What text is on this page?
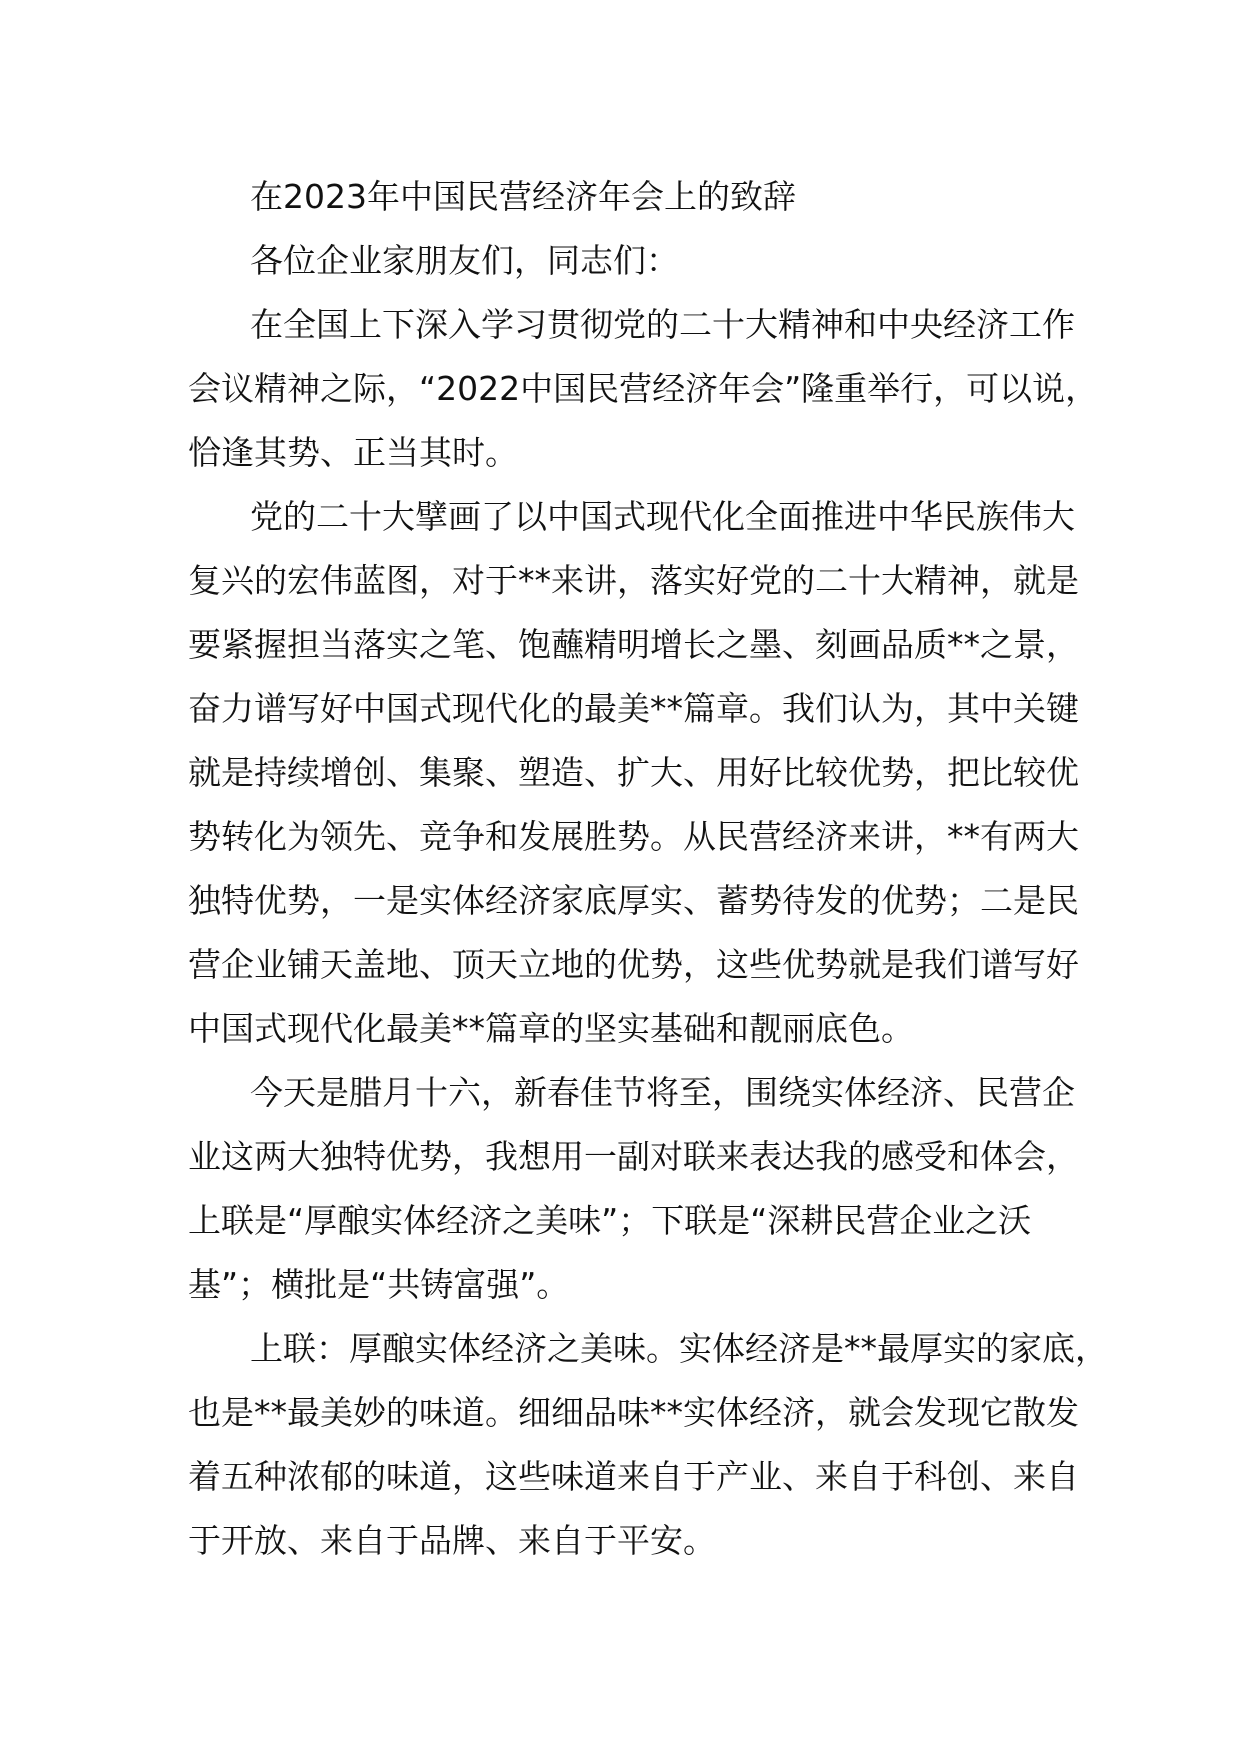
在2023年中国民营经济年会上的致辞
各位企业家朋友们，同志们：
在全国上下深入学习贯彻党的二十大精神和中央经济工作
会议精神之际，“2022中国民营经济年会”隆重举行，可以说，
恰逢其势、正当其时。
党的二十大擘画了以中国式现代化全面推进中华民族伟大
复兴的宏伟蓝图，对于**来讲，落实好党的二十大精神，就是
要紧握担当落实之笔、饱蘸精明增长之墨、刻画品质**之景，
奋力谱写好中国式现代化的最美**篇章。我们认为，其中关键
就是持续增创、集聚、塑造、扩大、用好比较优势，把比较优
势转化为领先、竞争和发展胜势。从民营经济来讲，**有两大
独特优势，一是实体经济家底厚实、蓄势待发的优势；二是民
营企业铺天盖地、顶天立地的优势，这些优势就是我们谱写好
中国式现代化最美**篇章的坚实基础和靓丽底色。
今天是腊月十六，新春佳节将至，围绕实体经济、民营企
业这两大独特优势，我想用一副对联来表达我的感受和体会，
上联是“厚酿实体经济之美味”；下联是“深耕民营企业之沃
基”；横批是“共铸富强”。
上联：厚酿实体经济之美味。实体经济是**最厚实的家底，
也是**最美妙的味道。细细品味**实体经济，就会发现它散发
着五种浓郁的味道，这些味道来自于产业、来自于科创、来自
于开放、来自于品牌、来自于平安。
